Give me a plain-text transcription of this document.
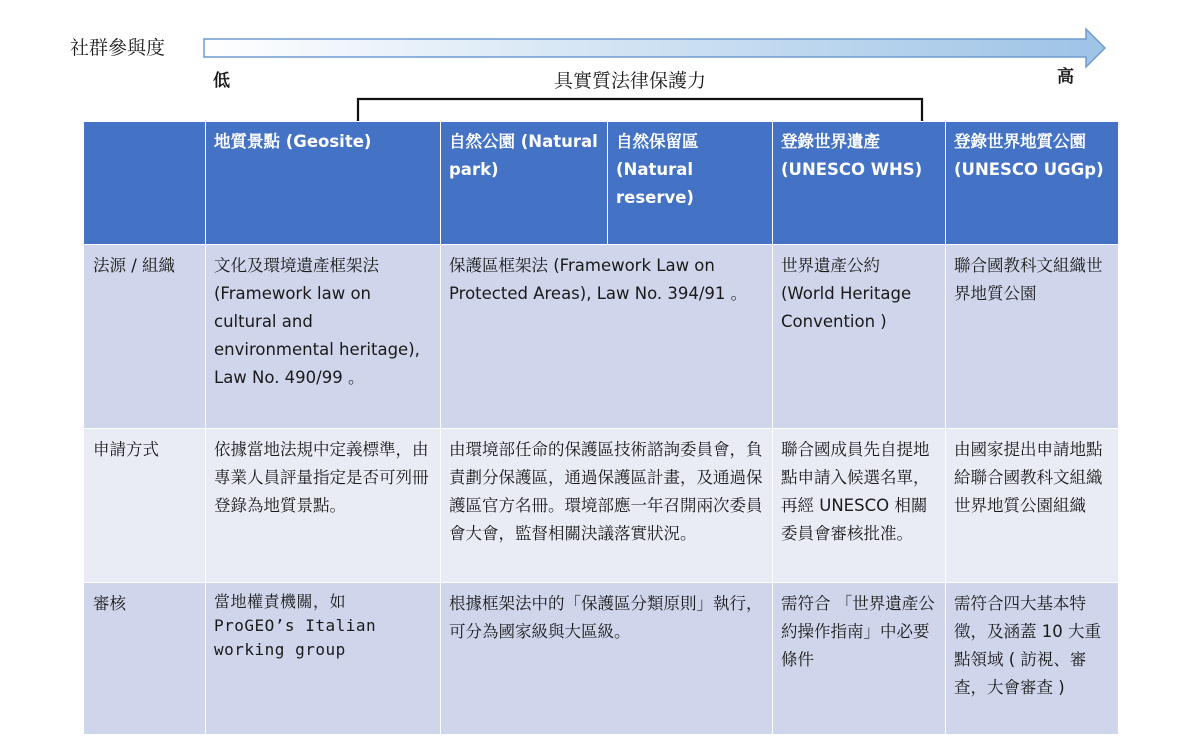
社群參與度
低	高
具實質法律保護力
	地質景點 (Geosite)	自然公園 (Natural park)	自然保留區 (Natural reserve)	登錄世界遺產 (UNESCO WHS)	登錄世界地質公園 (UNESCO UGGp)
法源 / 組織	文化及環境遺產框架法 (Framework law on cultural and environmental heritage), Law No. 490/99 。	保護區框架法 (Framework Law on Protected Areas), Law No. 394/91 。		世界遺產公約 (World Heritage Convention )	聯合國教科文組織世界地質公園
申請方式	依據當地法規中定義標準，由專業人員評量指定是否可列冊登錄為地質景點。	由環境部任命的保護區技術諮詢委員會，負責劃分保護區，通過保護區計畫，及通過保護區官方名冊。環境部應一年召開兩次委員會大會，監督相關決議落實狀況。		聯合國成員先自提地點申請入候選名單，再經 UNESCO 相關委員會審核批准。	由國家提出申請地點給聯合國教科文組織世界地質公園組織
審核	當地權責機關，如 ProGEO’s Italian working group	根據框架法中的「保護區分類原則」執行，可分為國家級與大區級。		需符合 「世界遺產公約操作指南」中必要條件	需符合四大基本特徵，及涵蓋 10 大重點領域 ( 訪視、審查，大會審查 )
